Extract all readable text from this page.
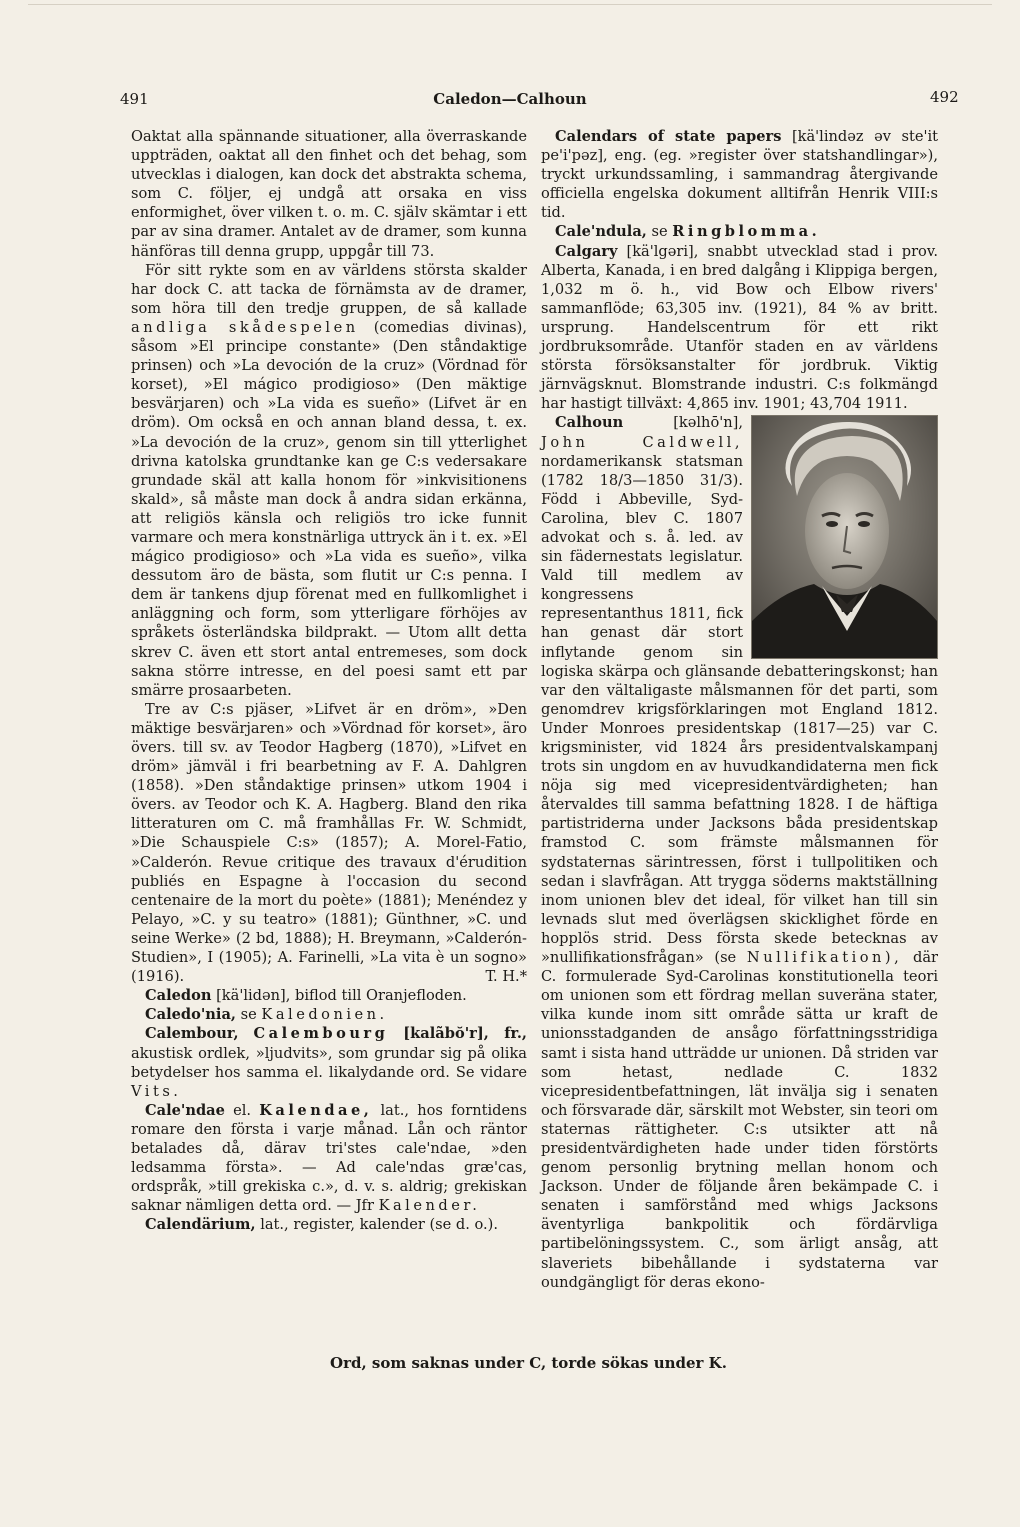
491	Caledon—Calhoun	492

Oaktat alla spännande situationer, alla överraskande uppträden, oaktat all den finhet och det behag, som utvecklas i dialogen, kan dock det abstrakta schema, som C. följer, ej undgå att orsaka en viss enformighet, över vilken t. o. m. C. själv skämtar i ett par av sina dramer. Antalet av de dramer, som kunna hänföras till denna grupp, uppgår till 73.

För sitt rykte som en av världens största skalder har dock C. att tacka de förnämsta av de dramer, som höra till den tredje gruppen, de så kallade andliga skådespelen (comedias divinas), såsom »El principe constante» (Den ståndaktige prinsen) och »La devoción de la cruz» (Vördnad för korset), »El mágico prodigioso» (Den mäktige besvärjaren) och »La vida es sueño» (Lifvet är en dröm). Om också en och annan bland dessa, t. ex. »La devoción de la cruz», genom sin till ytterlighet drivna katolska grundtanke kan ge C:s vedersakare grundade skäl att kalla honom för »inkvisitionens skald», så måste man dock å andra sidan erkänna, att religiös känsla och religiös tro icke funnit varmare och mera konstnärliga uttryck än i t. ex. »El mágico prodigioso» och »La vida es sueño», vilka dessutom äro de bästa, som flutit ur C:s penna. I dem är tankens djup förenat med en fullkomlighet i anläggning och form, som ytterligare förhöjes av språkets österländska bildprakt. — Utom allt detta skrev C. även ett stort antal entremeses, som dock sakna större intresse, en del poesi samt ett par smärre prosaarbeten.

Tre av C:s pjäser, »Lifvet är en dröm», »Den mäktige besvärjaren» och »Vördnad för korset», äro övers. till sv. av Teodor Hagberg (1870), »Lifvet en dröm» jämväl i fri bearbetning av F. A. Dahlgren (1858). »Den ståndaktige prinsen» utkom 1904 i övers. av Teodor och K. A. Hagberg. Bland den rika litteraturen om C. må framhållas Fr. W. Schmidt, »Die Schauspiele C:s» (1857); A. Morel-Fatio, »Calderón. Revue critique des travaux d'érudition publiés en Espagne à l'occasion du second centenaire de la mort du poète» (1881); Menéndez y Pelayo, »C. y su teatro» (1881); Günthner, »C. und seine Werke» (2 bd, 1888); H. Breymann, »Calderón-Studien», I (1905); A. Farinelli, »La vita è un sogno» (1916).	T. H.*

Caledon [kä'lidən], biflod till Oranjefloden.

Caledo'nia, se Kaledonien.

Calembour, Calembourg [kalãbŏ'r], fr., akustisk ordlek, »ljudvits», som grundar sig på olika betydelser hos samma el. likalydande ord. Se vidare Vits.

Cale'ndae el. Kalendae, lat., hos forntidens romare den första i varje månad. Lån och räntor betalades då, därav tri'stes cale'ndae, »den ledsamma första». — Ad cale'ndas græ'cas, ordspråk, »till grekiska c.», d. v. s. aldrig; grekiskan saknar nämligen detta ord. — Jfr Kalender.

Calendärium, lat., register, kalender (se d. o.).

Calendars of state papers [kä'lindəz əv ste'it pe'i'pəz], eng. (eg. »register över statshandlingar»), tryckt urkundssamling, i sammandrag återgivande officiella engelska dokument alltifrån Henrik VIII:s tid.

Cale'ndula, se Ringblomma.

Calgary [kä'lgəri], snabbt utvecklad stad i prov. Alberta, Kanada, i en bred dalgång i Klippiga bergen, 1,032 m ö. h., vid Bow och Elbow rivers' sammanflöde; 63,305 inv. (1921), 84 % av britt. ursprung. Handelscentrum för ett rikt jordbruksområde. Utanför staden en av världens största försöksanstalter för jordbruk. Viktig järnvägsknut. Blomstrande industri. C:s folkmängd har hastigt tillväxt: 4,865 inv. 1901; 43,704 1911.

Calhoun	[kəlhō'n], John Caldwell, nordamerikansk statsman (1782 18/3—1850 31/3). Född i Abbeville, Syd-Carolina, blev C. 1807 advokat och s. å. led. av sin fädernestats legislatur. Vald till medlem av kongressens representanthus 1811, fick han genast där stort inflytande genom sin logiska skärpa och glänsande debatteringskonst; han var den vältaligaste målsmannen för det parti, som genomdrev krigsförklaringen mot England 1812. Under Monroes presidentskap (1817—25) var C. krigsminister, vid 1824 års presidentvalskampanj trots sin ungdom en av huvudkandidaterna men fick nöja sig med vicepresidentvärdigheten; han återvaldes till samma befattning 1828. I de häftiga partistriderna under Jacksons båda presidentskap framstod C. som främste målsmannen för sydstaternas särintressen, först i tullpolitiken och sedan i slavfrågan. Att trygga söderns maktställning inom unionen blev det ideal, för vilket han till sin levnads slut med överlägsen skicklighet förde en hopplös strid. Dess första skede betecknas av »nullifikationsfrågan» (se Nullifikation), där C. formulerade Syd-Carolinas konstitutionella teori om unionen som ett fördrag mellan suveräna stater, vilka kunde inom sitt område sätta ur kraft de unionsstadganden de ansågo författningsstridiga samt i sista hand utträdde ur unionen. Då striden var som hetast, nedlade C. 1832 vicepresidentbefattningen, lät invälja sig i senaten och försvarade där, särskilt mot Webster, sin teori om staternas rättigheter. C:s utsikter att nå presidentvärdigheten hade under tiden förstörts genom personlig brytning mellan honom och Jackson. Under de följande åren bekämpade C. i senaten i samförstånd med whigs Jacksons äventyrliga bankpolitik och fördärvliga partibelöningssystem. C., som ärligt ansåg, att slaveriets bibehållande i sydstaterna var oundgängligt för deras ekono-

Ord, som saknas under C, torde sökas under K.
